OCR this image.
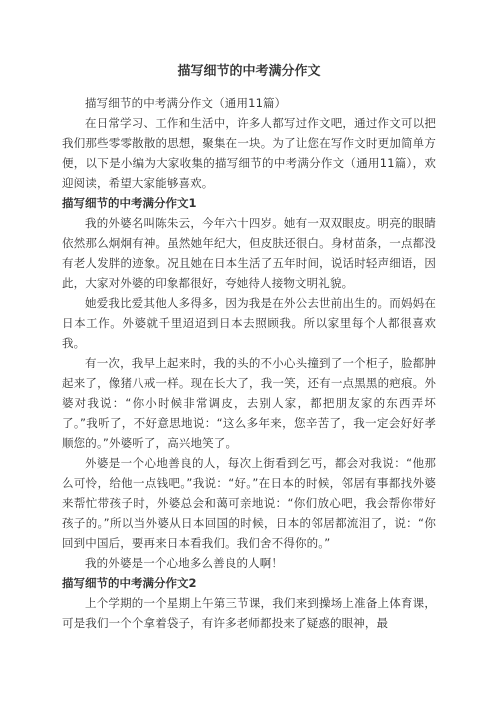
描写细节的中考满分作文

描写细节的中考满分作文（通用11篇）

在日常学习、工作和生活中，许多人都写过作文吧，通过作文可以把我们那些零零散散的思想，聚集在一块。为了让您在写作文时更加简单方便，以下是小编为大家收集的描写细节的中考满分作文（通用11篇），欢迎阅读，希望大家能够喜欢。

描写细节的中考满分作文1

我的外婆名叫陈朱云，今年六十四岁。她有一双双眼皮。明亮的眼睛依然那么炯炯有神。虽然她年纪大，但皮肤还很白。身材苗条，一点都没有老人发胖的迹象。况且她在日本生活了五年时间，说话时轻声细语，因此，大家对外婆的印象都很好，夸她待人接物文明礼貌。

她爱我比爱其他人多得多，因为我是在外公去世前出生的。而妈妈在日本工作。外婆就千里迢迢到日本去照顾我。所以家里每个人都很喜欢我。

有一次，我早上起来时，我的头的不小心头撞到了一个柜子，脸都肿起来了，像猪八戒一样。现在长大了，我一笑，还有一点黑黑的疤痕。外婆对我说：“你小时候非常调皮，去别人家，都把朋友家的东西弄坏了。”我听了，不好意思地说：“这么多年来，您辛苦了，我一定会好好孝顺您的。”外婆听了，高兴地笑了。

外婆是一个心地善良的人，每次上街看到乞丐，都会对我说：“他那么可怜，给他一点钱吧。”我说：“好。”在日本的时候，邻居有事都找外婆来帮忙带孩子时，外婆总会和蔼可亲地说：“你们放心吧，我会帮你带好孩子的。”所以当外婆从日本回国的时候，日本的邻居都流泪了，说：“你回到中国后，要再来日本看我们。我们舍不得你的。”

我的外婆是一个心地多么善良的人啊！

描写细节的中考满分作文2

上个学期的一个星期上午第三节课，我们来到操场上准备上体育课，可是我们一个个拿着袋子，有许多老师都投来了疑惑的眼神，最
